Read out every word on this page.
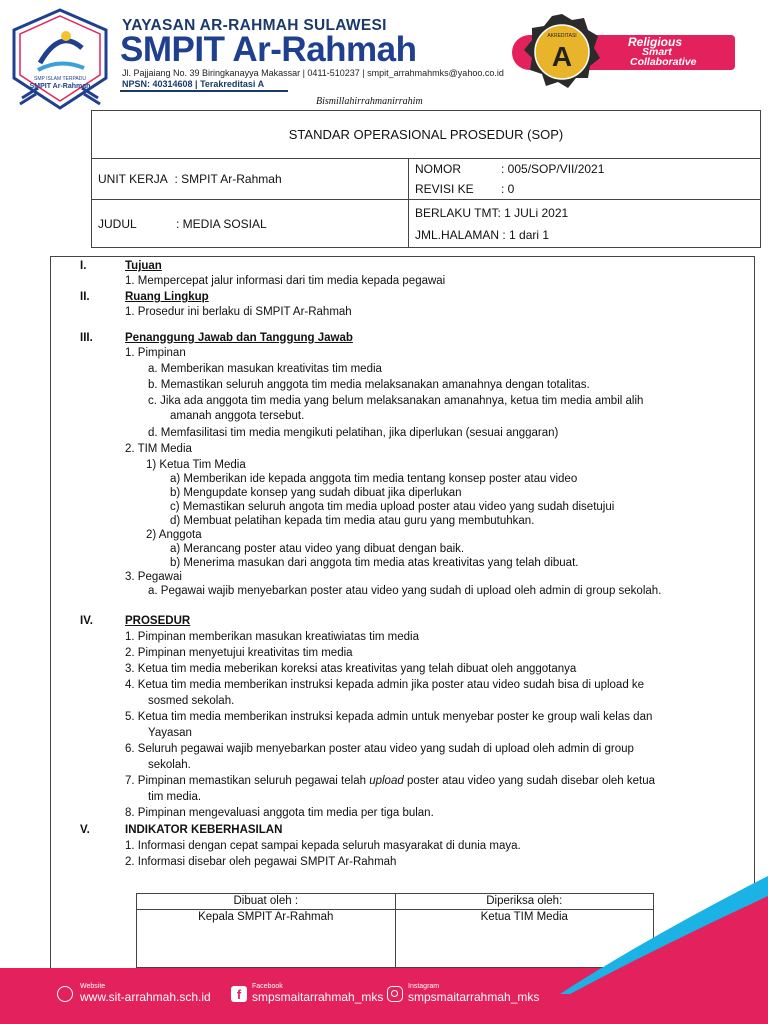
SMP ISLAM TERPADU
SMPIT Ar-Rahmah
YAYASAN AR-RAHMAH SULAWESI
SMPIT Ar-Rahmah
Jl. Pajjaiang No. 39 Biringkanayya Makassar | 0411-510237 | smpit_arrahmahmks@yahoo.co.id
NPSN: 40314608 | Terakreditasi A
Religious
Smart
Collaborative
AKREDITASI
A
Bismillahirrahmanirrahim
STANDAR OPERASIONAL PROSEDUR (SOP)	
UNIT KERJA : SMPIT Ar-Rahmah	NOMOR : 005/SOP/VII/2021
REVISI KE : 0

JUDUL : MEDIA SOSIAL	BERLAKU TMT: 1 JULi 2021
JML.HALAMAN : 1 dari 1
I.	Tujuan
1. Mempercepat jalur informasi dari tim media kepada pegawai
II.	Ruang Lingkup
1. Prosedur ini berlaku di SMPIT Ar-Rahmah
III.	Penanggung Jawab dan Tanggung Jawab
1. Pimpinan
a. Memberikan masukan kreativitas tim media
b. Memastikan seluruh anggota tim media melaksanakan amanahnya dengan totalitas.
c. Jika ada anggota tim media yang belum melaksanakan amanahnya, ketua tim media ambil alih
amanah anggota tersebut.
d. Memfasilitasi tim media mengikuti pelatihan, jika diperlukan (sesuai anggaran)
2. TIM Media
1) Ketua Tim Media
a) Memberikan ide kepada anggota tim media tentang konsep poster atau video
b) Mengupdate konsep yang sudah dibuat jika diperlukan
c) Memastikan seluruh angota tim media upload poster atau video yang sudah disetujui
d) Membuat pelatihan kepada tim media atau guru yang membutuhkan.
2) Anggota
a) Merancang poster atau video yang dibuat dengan baik.
b) Menerima masukan dari anggota tim media atas kreativitas yang telah dibuat.
3. Pegawai
a. Pegawai wajib menyebarkan poster atau video yang sudah di upload oleh admin di group sekolah.
IV.	PROSEDUR
1. Pimpinan memberikan masukan kreatiwiatas tim media
2. Pimpinan menyetujui kreativitas tim media
3. Ketua tim media meberikan koreksi atas kreativitas yang telah dibuat oleh anggotanya
4. Ketua tim media memberikan instruksi kepada admin jika poster atau video sudah bisa di upload ke
sosmed sekolah.
5. Ketua tim media memberikan instruksi kepada admin untuk menyebar poster ke group wali kelas dan
Yayasan
6. Seluruh pegawai wajib menyebarkan poster atau video yang sudah di upload oleh admin di group
sekolah.
7. Pimpinan memastikan seluruh pegawai telah upload poster atau video yang sudah disebar oleh ketua
tim media.
8. Pimpinan mengevaluasi anggota tim media per tiga bulan.
V.	INDIKATOR KEBERHASILAN
1. Informasi dengan cepat sampai kepada seluruh masyarakat di dunia maya.
2. Informasi disebar oleh pegawai SMPIT Ar-Rahmah
Dibuat oleh :	Diperiksa oleh:
Kepala SMPIT Ar-Rahmah	Ketua TIM Media
Website
www.sit-arrahmah.sch.id	f
Facebook
smpsmaitarrahmah_mks
Instagram
smpsmaitarrahmah_mks
